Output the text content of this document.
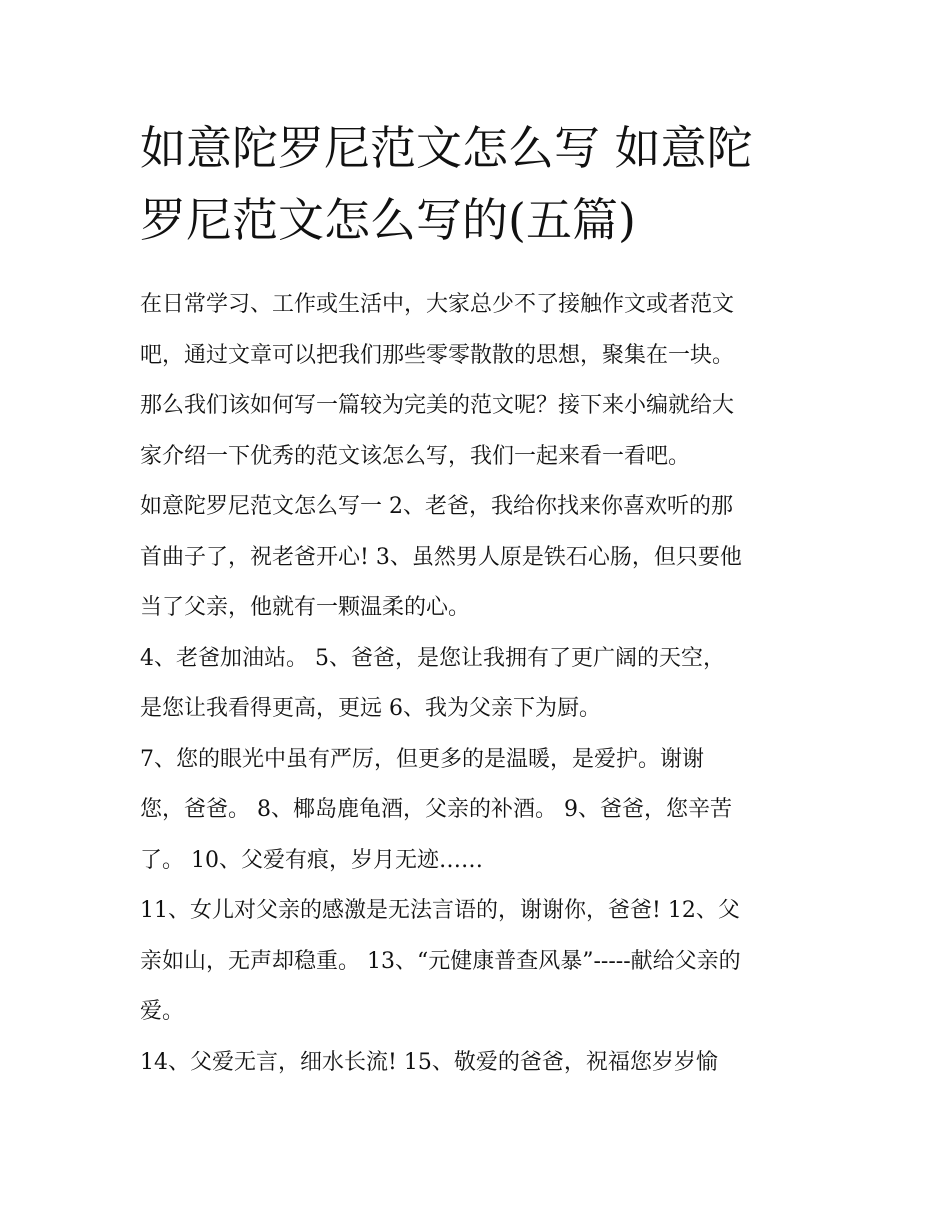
如意陀罗尼范文怎么写 如意陀
罗尼范文怎么写的(五篇)

在日常学习、工作或生活中，大家总少不了接触作文或者范文
吧，通过文章可以把我们那些零零散散的思想，聚集在一块。
那么我们该如何写一篇较为完美的范文呢？接下来小编就给大
家介绍一下优秀的范文该怎么写，我们一起来看一看吧。

如意陀罗尼范文怎么写一 2、老爸，我给你找来你喜欢听的那
首曲子了，祝老爸开心! 3、虽然男人原是铁石心肠，但只要他
当了父亲，他就有一颗温柔的心。

4、老爸加油站。 5、爸爸，是您让我拥有了更广阔的天空，
是您让我看得更高，更远 6、我为父亲下为厨。

7、您的眼光中虽有严厉，但更多的是温暖，是爱护。谢谢
您，爸爸。 8、椰岛鹿龟酒，父亲的补酒。 9、爸爸，您辛苦
了。 10、父爱有痕，岁月无迹……

11、女儿对父亲的感激是无法言语的，谢谢你，爸爸! 12、父
亲如山，无声却稳重。 13、“元健康普查风暴”-----献给父亲的
爱。

14、父爱无言，细水长流! 15、敬爱的爸爸，祝福您岁岁愉
